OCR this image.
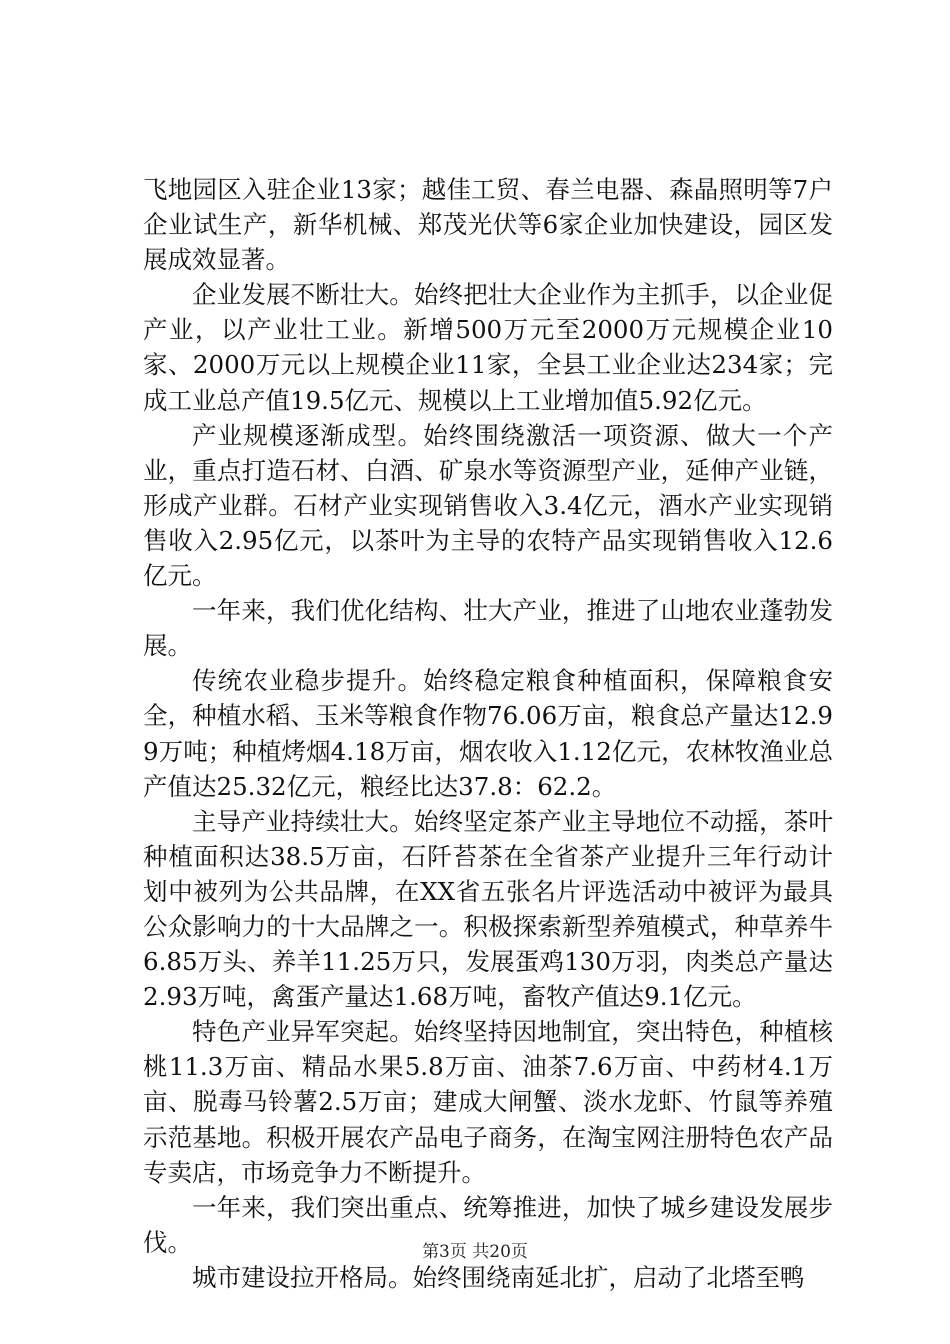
飞地园区入驻企业13家；越佳工贸、春兰电器、森晶照明等7户企业试生产，新华机械、郑茂光伏等6家企业加快建设，园区发展成效显著。

企业发展不断壮大。始终把壮大企业作为主抓手，以企业促产业，以产业壮工业。新增500万元至2000万元规模企业10家、2000万元以上规模企业11家，全县工业企业达234家；完成工业总产值19.5亿元、规模以上工业增加值5.92亿元。

产业规模逐渐成型。始终围绕激活一项资源、做大一个产业，重点打造石材、白酒、矿泉水等资源型产业，延伸产业链，形成产业群。石材产业实现销售收入3.4亿元，酒水产业实现销售收入2.95亿元，以茶叶为主导的农特产品实现销售收入12.6亿元。

一年来，我们优化结构、壮大产业，推进了山地农业蓬勃发展。

传统农业稳步提升。始终稳定粮食种植面积，保障粮食安全，种植水稻、玉米等粮食作物76.06万亩，粮食总产量达12.99万吨；种植烤烟4.18万亩，烟农收入1.12亿元，农林牧渔业总产值达25.32亿元，粮经比达37.8：62.2。

主导产业持续壮大。始终坚定茶产业主导地位不动摇，茶叶种植面积达38.5万亩，石阡苔茶在全省茶产业提升三年行动计划中被列为公共品牌，在XX省五张名片评选活动中被评为最具公众影响力的十大品牌之一。积极探索新型养殖模式，种草养牛6.85万头、养羊11.25万只，发展蛋鸡130万羽，肉类总产量达2.93万吨，禽蛋产量达1.68万吨，畜牧产值达9.1亿元。

特色产业异军突起。始终坚持因地制宜，突出特色，种植核桃11.3万亩、精品水果5.8万亩、油茶7.6万亩、中药材4.1万亩、脱毒马铃薯2.5万亩；建成大闸蟹、淡水龙虾、竹鼠等养殖示范基地。积极开展农产品电子商务，在淘宝网注册特色农产品专卖店，市场竞争力不断提升。

一年来，我们突出重点、统筹推进，加快了城乡建设发展步伐。

城市建设拉开格局。始终围绕南延北扩，启动了北塔至鸭

第3页 共20页
